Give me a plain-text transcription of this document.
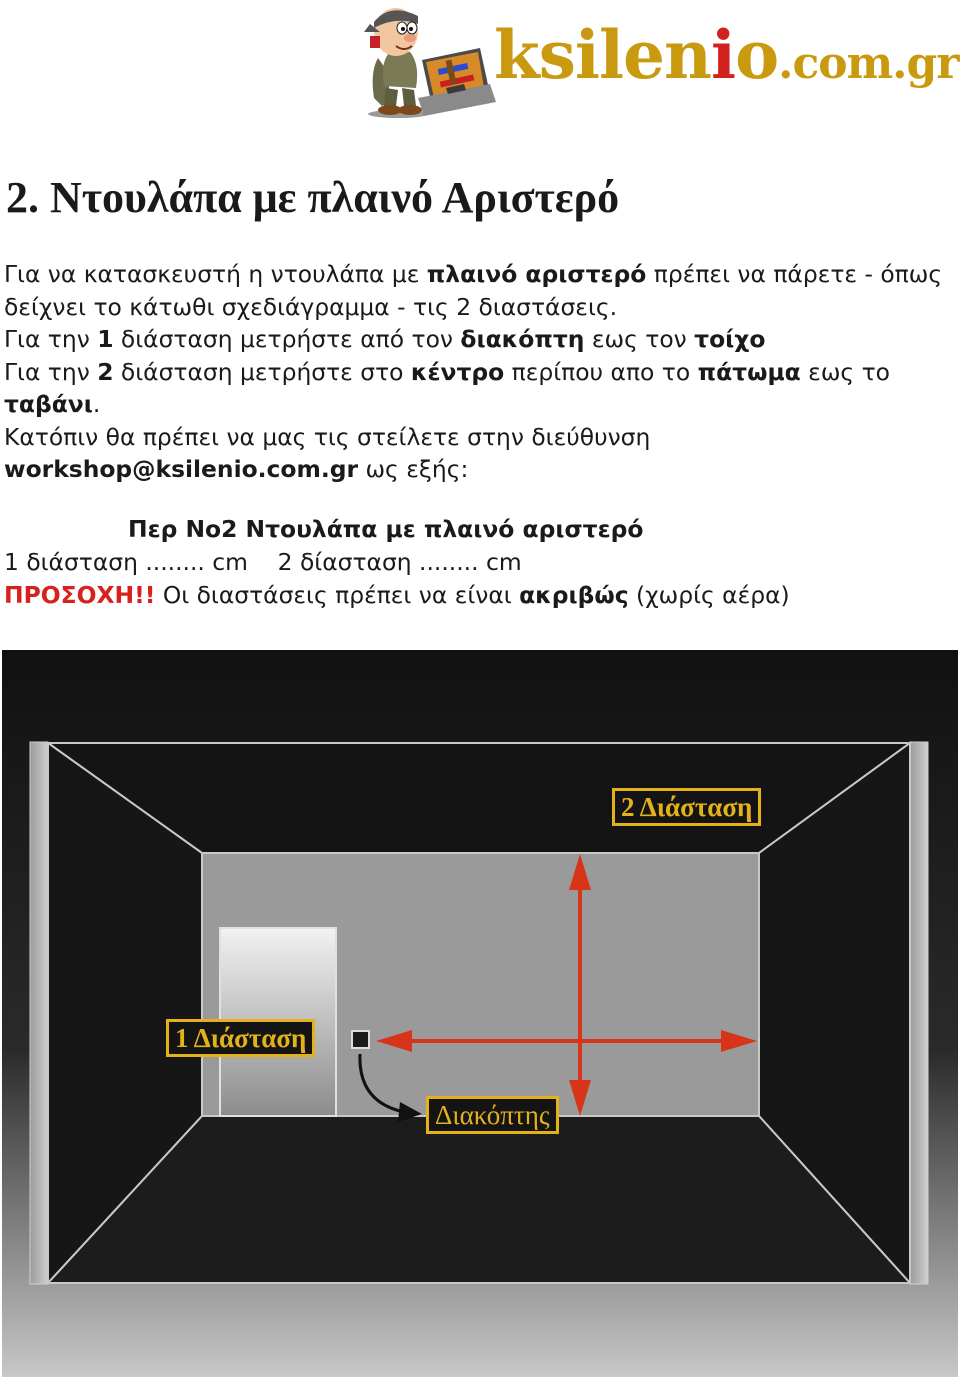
ksilenio.com.gr
2. Ντουλάπα με πλαινό Αριστερό

Για να κατασκευστή η ντουλάπα με πλαινό αριστερό πρέπει να πάρετε - όπως δείχνει το κάτωθι σχεδιάγραμμα - τις 2 διαστάσεις.

Για την 1 διάσταση μετρήστε από τον διακόπτη εως τον τοίχο

Για την 2 διάσταση μετρήστε στο κέντρο περίπου απο το πάτωμα εως το ταβάνι.

Κατόπιν θα πρέπει να μας τις στείλετε στην διεύθυνση workshop@ksilenio.com.gr ως εξής:

Περ Νο2 Ντουλάπα με πλαινό αριστερό
1 διάσταση ........ cm    2 δίασταση ........ cm
ΠΡΟΣΟΧΗ!! Οι διαστάσεις πρέπει να είναι ακριβώς (χωρίς αέρα)
2 Διάσταση
1 Διάσταση
Διακόπτης
